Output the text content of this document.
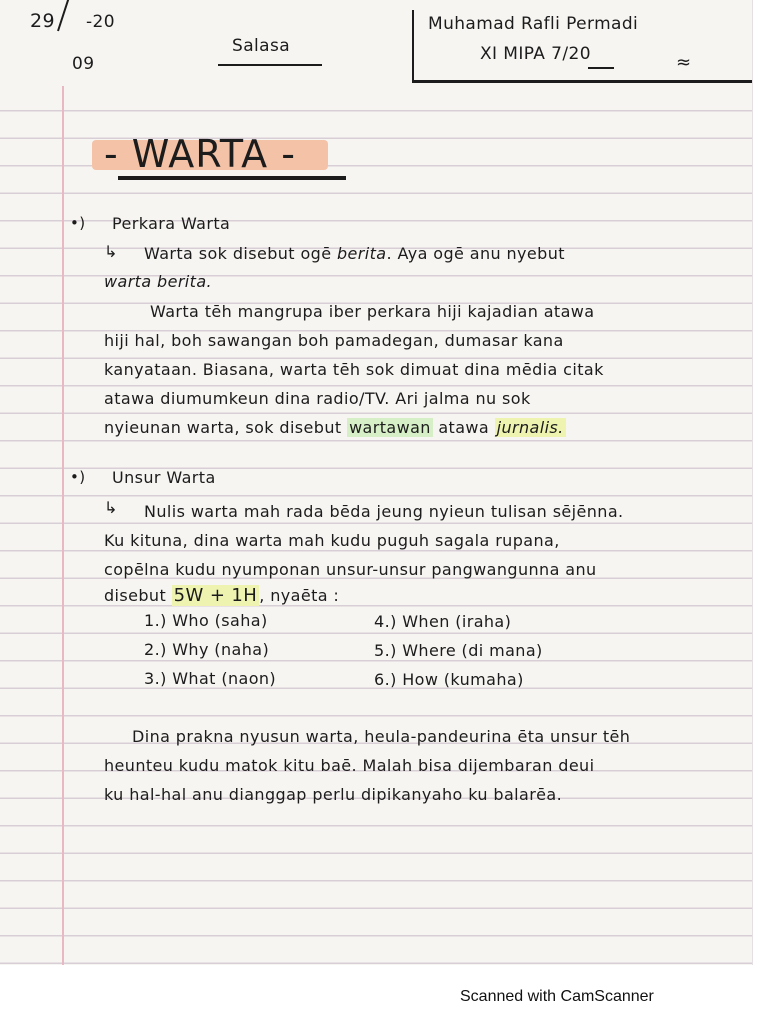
29 -20
09
Salasa
Muhamad Rafli Permadi
XI MIPA 7/20	≈
- WARTA -
•) Perkara Warta
↳ Warta sok disebut ogē berita. Aya ogē anu nyebut
warta berita.
Warta tēh mangrupa iber perkara hiji kajadian atawa
hiji hal, boh sawangan boh pamadegan, dumasar kana
kanyataan. Biasana, warta tēh sok dimuat dina mēdia citak
atawa diumumkeun dina radio/TV. Ari jalma nu sok
nyieunan warta, sok disebut wartawan atawa jurnalis.
•) Unsur Warta
↳ Nulis warta mah rada bēda jeung nyieun tulisan sējēnna.
Ku kituna, dina warta mah kudu puguh sagala rupana,
copēlna kudu nyumponan unsur-unsur pangwangunna anu
disebut 5W + 1H , nyaēta :
1.) Who (saha)
2.) Why (naha)
3.) What (naon)
4.) When (iraha)
5.) Where (di mana)
6.) How (kumaha)
Dina prakna nyusun warta, heula-pandeurina ēta unsur tēh
heunteu kudu matok kitu baē. Malah bisa dijembaran deui
ku hal-hal anu dianggap perlu dipikanyaho ku balarēa.
Scanned with CamScanner
